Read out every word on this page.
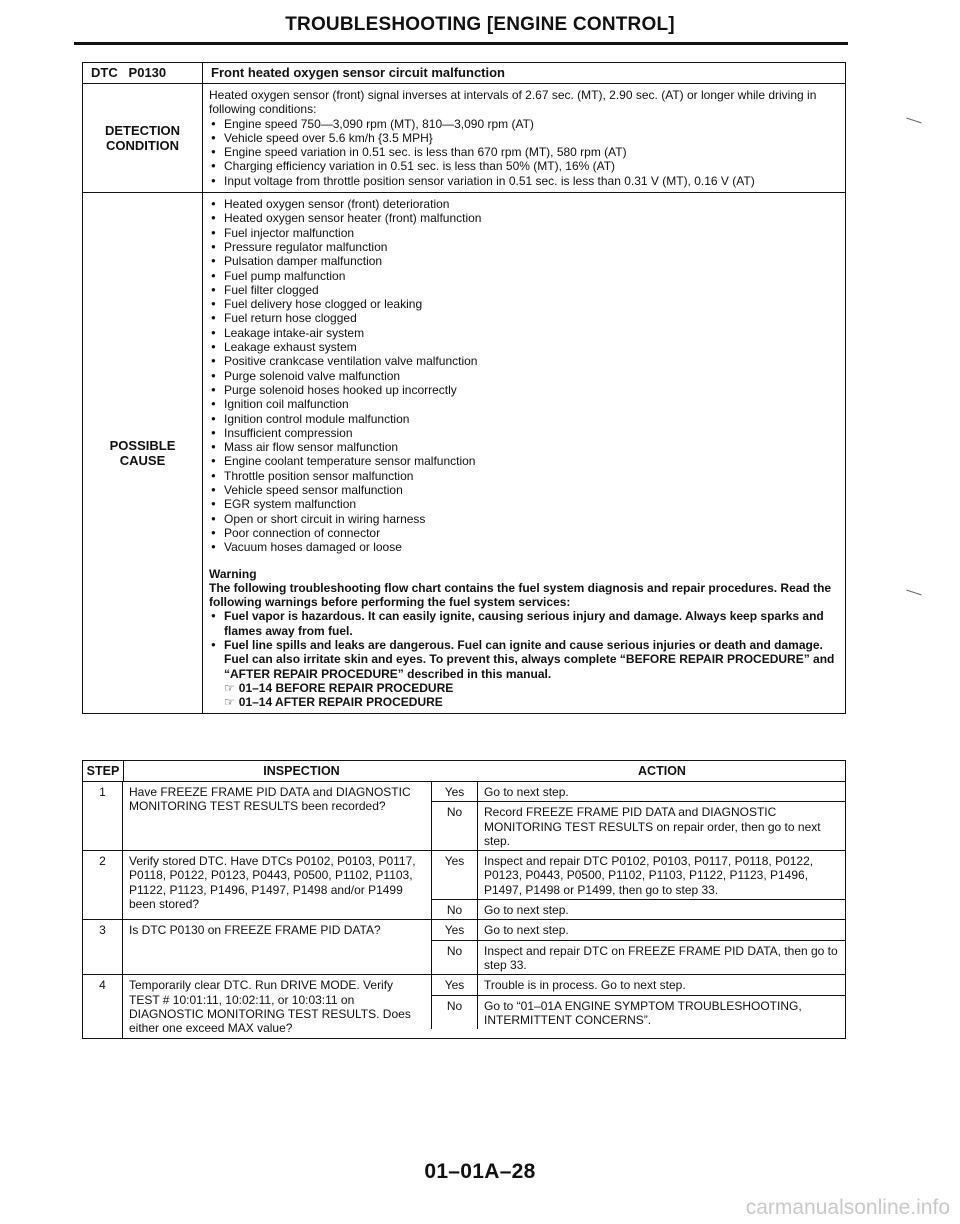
TROUBLESHOOTING [ENGINE CONTROL]
DTC   P0130	Front heated oxygen sensor circuit malfunction
DETECTION
CONDITION
Heated oxygen sensor (front) signal inverses at intervals of 2.67 sec. (MT), 2.90 sec. (AT) or longer while driving in following conditions:
● Engine speed 750—3,090 rpm (MT), 810—3,090 rpm (AT)
● Vehicle speed over 5.6 km/h {3.5 MPH}
● Engine speed variation in 0.51 sec. is less than 670 rpm (MT), 580 rpm (AT)
● Charging efficiency variation in 0.51 sec. is less than 50% (MT), 16% (AT)
● Input voltage from throttle position sensor variation in 0.51 sec. is less than 0.31 V (MT), 0.16 V (AT)
POSSIBLE
CAUSE
● Heated oxygen sensor (front) deterioration
● Heated oxygen sensor heater (front) malfunction
● Fuel injector malfunction
● Pressure regulator malfunction
● Pulsation damper malfunction
● Fuel pump malfunction
● Fuel filter clogged
● Fuel delivery hose clogged or leaking
● Fuel return hose clogged
● Leakage intake-air system
● Leakage exhaust system
● Positive crankcase ventilation valve malfunction
● Purge solenoid valve malfunction
● Purge solenoid hoses hooked up incorrectly
● Ignition coil malfunction
● Ignition control module malfunction
● Insufficient compression
● Mass air flow sensor malfunction
● Engine coolant temperature sensor malfunction
● Throttle position sensor malfunction
● Vehicle speed sensor malfunction
● EGR system malfunction
● Open or short circuit in wiring harness
● Poor connection of connector
● Vacuum hoses damaged or loose
Warning
The following troubleshooting flow chart contains the fuel system diagnosis and repair procedures. Read the following warnings before performing the fuel system services:
● Fuel vapor is hazardous. It can easily ignite, causing serious injury and damage. Always keep sparks and flames away from fuel.
● Fuel line spills and leaks are dangerous. Fuel can ignite and cause serious injuries or death and damage. Fuel can also irritate skin and eyes. To prevent this, always complete “BEFORE REPAIR PROCEDURE” and “AFTER REPAIR PROCEDURE” described in this manual.
☞ 01–14 BEFORE REPAIR PROCEDURE
☞ 01–14 AFTER REPAIR PROCEDURE
STEP	INSPECTION	ACTION
1	Have FREEZE FRAME PID DATA and DIAGNOSTIC MONITORING TEST RESULTS been recorded?
Yes	Go to next step.
No	Record FREEZE FRAME PID DATA and DIAGNOSTIC MONITORING TEST RESULTS on repair order, then go to next step.
2	Verify stored DTC. Have DTCs P0102, P0103, P0117, P0118, P0122, P0123, P0443, P0500, P1102, P1103, P1122, P1123, P1496, P1497, P1498 and/or P1499 been stored?
Yes	Inspect and repair DTC P0102, P0103, P0117, P0118, P0122, P0123, P0443, P0500, P1102, P1103, P1122, P1123, P1496, P1497, P1498 or P1499, then go to step 33.
No	Go to next step.
3	Is DTC P0130 on FREEZE FRAME PID DATA?	Yes	Go to next step.
No	Inspect and repair DTC on FREEZE FRAME PID DATA, then go to step 33.
4	Temporarily clear DTC. Run DRIVE MODE. Verify TEST # 10:01:11, 10:02:11, or 10:03:11 on DIAGNOSTIC MONITORING TEST RESULTS. Does either one exceed MAX value?
Yes	Trouble is in process. Go to next step.
No	Go to “01–01A ENGINE SYMPTOM TROUBLESHOOTING, INTERMITTENT CONCERNS”.
01–01A–28
carmanualsonline.info
